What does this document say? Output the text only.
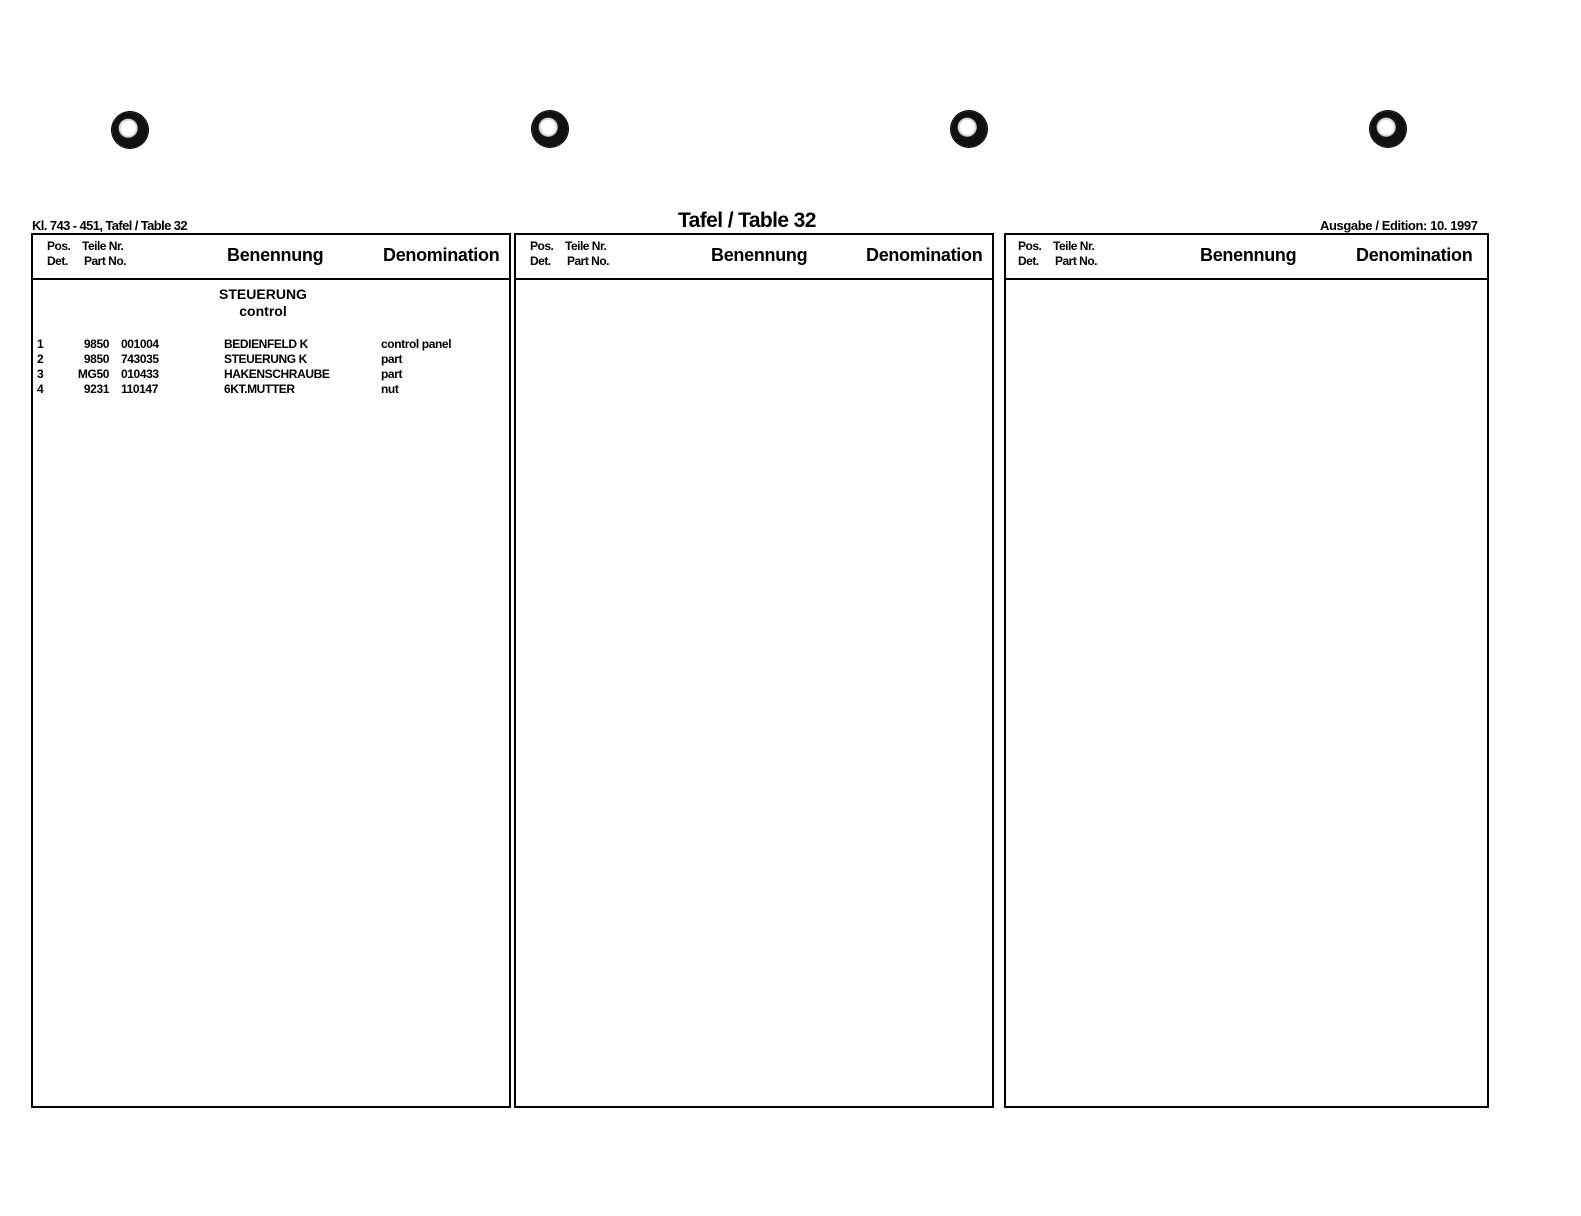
Kl. 743 - 451, Tafel / Table 32	Tafel / Table 32	Ausgabe / Edition: 10. 1997
Pos.
Det.
Teile Nr.
Part No.	Benennung	Denomination
STEUERUNG
control
1	9850 001004	BEDIENFELD K	control panel
2	9850 743035	STEUERUNG K	part
3	MG50 010433	HAKENSCHRAUBE	part
4	9231 110147	6KT.MUTTER	nut
Pos.
Det.
Teile Nr.
Part No.	Benennung	Denomination	Pos.
Det.
Teile Nr.
Part No.	Benennung	Denomination
